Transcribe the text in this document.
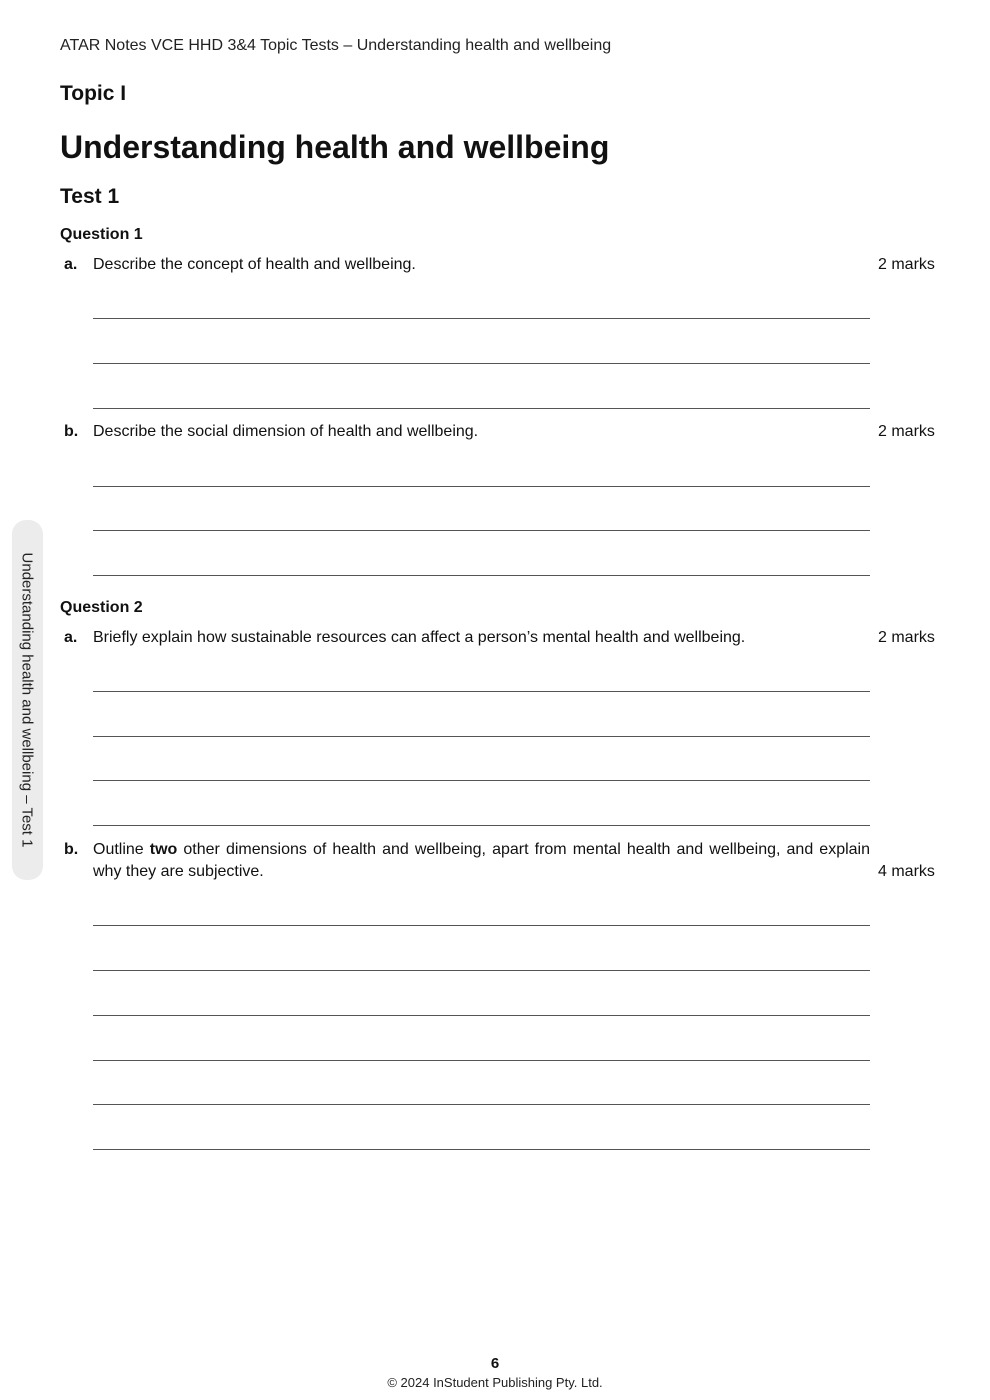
ATAR Notes VCE HHD 3&4 Topic Tests – Understanding health and wellbeing
Topic I
Understanding health and wellbeing
Test 1
Understanding health and wellbeing – Test 1
Question 1
a. Describe the concept of health and wellbeing.	2 marks
b. Describe the social dimension of health and wellbeing.	2 marks
Question 2
a. Briefly explain how sustainable resources can affect a person’s mental health and wellbeing.	2 marks
b. Outline two other dimensions of health and wellbeing, apart from mental health and wellbeing, and explain why they are subjective.	4 marks
6
© 2024 InStudent Publishing Pty. Ltd.
